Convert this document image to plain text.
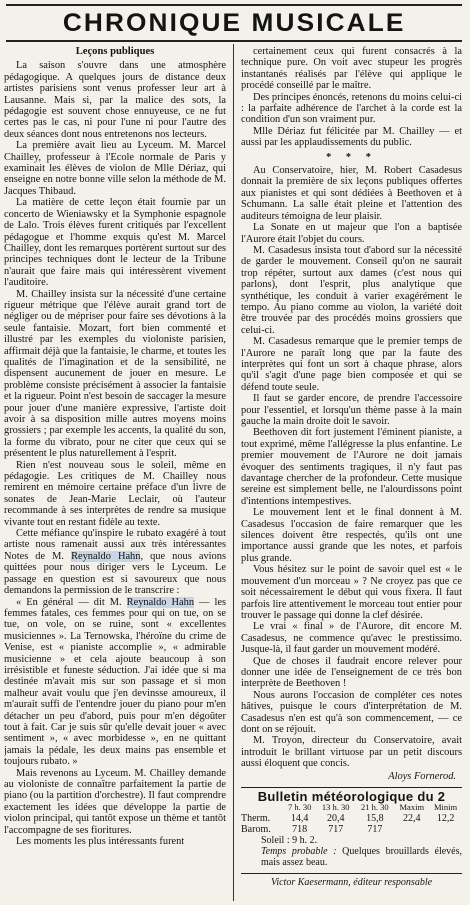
CHRONIQUE MUSICALE
Leçons publiques

La saison s'ouvre dans une atmosphère pédagogique. A quelques jours de distance deux artistes parisiens sont venus professer leur art à Lausanne. Mais si, par la malice des sots, la pédagogie est souvent chose ennuyeuse, ce ne fut certes pas le cas, ni pour l'une ni pour l'autre des deux séances dont nous entretenons nos lecteurs.

La première avait lieu au Lyceum. M. Marcel Chailley, professeur à l'Ecole normale de Paris y examinait les élèves de violon de Mlle Dériaz, qui enseigne en notre bonne ville selon la méthode de M. Jacques Thibaud.

La matière de cette leçon était fournie par un concerto de Wieniawsky et la Symphonie espagnole de Lalo. Trois élèves furent critiqués par l'excellent pédagogue et l'homme exquis qu'est M. Marcel Chailley, dont les remarques portèrent surtout sur des principes techniques dont le lecteur de la Tribune n'aurait que faire mais qui intéressèrent vivement l'auditoire.

M. Chailley insista sur la nécessité d'une certaine rigueur métrique que l'élève aurait grand tort de négliger ou de mépriser pour faire ses dévotions à la seule fantaisie. Mozart, fort bien commenté et illustré par les exemples du violoniste parisien, affirmait déjà que la fantaisie, le charme, et toutes les qualités de l'imagination et de la sensibilité, ne dispensent aucunement de jouer en mesure. Le problème consiste précisément à associer la fantaisie et la rigueur. Point n'est besoin de saccager la mesure pour jouer d'une manière expressive, l'artiste doit avoir à sa disposition mille autres moyens moins grossiers ; par exemple les accents, la qualité du son, la forme du vibrato, pour ne citer que ceux qui se présentent le plus naturellement à l'esprit.

Rien n'est nouveau sous le soleil, même en pédagogie. Les critiques de M. Chailley nous remirent en mémoire certaine préface d'un livre de sonates de Jean-Marie Leclair, où l'auteur recommande à ses interprètes de rendre sa musique vivante tout en restant fidèle au texte.

Cette méfiance qu'inspire le rubato exagéré à tout artiste nous ramenait aussi aux très intéressantes Notes de M. Reynaldo Hahn, que nous avions quittées pour nous diriger vers le Lyceum. Le passage en question est si savoureux que nous demandons la permission de le transcrire :

« En général — dit M. Reynaldo Hahn — les femmes fatales, ces femmes pour qui on tue, on se tue, on vole, on se ruine, sont « excellentes musiciennes ». La Ternowska, l'héroïne du crime de Venise, est « pianiste accomplie », « admirable musicienne » et cela ajoute beaucoup à son irrésistible et funeste séduction. J'ai idée que si ma destinée m'avait mis sur son passage et si mon malheur avait voulu que j'en devinsse amoureux, il m'aurait suffi de l'entendre jouer du piano pour m'en détacher un peu d'abord, puis pour m'en dégoûter tout à fait. Car je suis sûr qu'elle devait jouer « avec sentiment », « avec morbidesse », en ne quittant jamais la pédale, les deux mains pas ensemble et toujours rubato. »

Mais revenons au Lyceum. M. Chailley demande au violoniste de connaître parfaitement la partie de piano (ou la partition d'orchestre). Il faut comprendre exactement les idées que développe la partie de violon principal, qui tantôt expose un thème et tantôt l'accompagne de ses fioritures.

Les moments les plus intéressants furent

certainement ceux qui furent consacrés à la technique pure. On voit avec stupeur les progrès instantanés réalisés par l'élève qui applique le procédé conseillé par le maître.

Des principes énoncés, retenons du moins celui-ci : la parfaite adhérence de l'archet à la corde est la condition d'un son vraiment pur.

Mlle Dériaz fut félicitée par M. Chailley — et aussi par les applaudissements du public.

* * *

Au Conservatoire, hier, M. Robert Casadesus donnait la première de six leçons publiques offertes aux pianistes et qui sont dédiées à Beethoven et à Schumann. La salle était pleine et l'attention des auditeurs témoigna de leur plaisir.

La Sonate en ut majeur que l'on a baptisée l'Aurore était l'objet du cours.

M. Casadesus insista tout d'abord sur la nécessité de garder le mouvement. Conseil qu'on ne saurait trop répéter, surtout aux dames (c'est nous qui parlons), dont l'esprit, plus analytique que synthétique, les conduit à varier exagérément le tempo. Au piano comme au violon, la variété doit être trouvée par des procédés moins grossiers que celui-ci.

M. Casadesus remarque que le premier temps de l'Aurore ne paraît long que par la faute des interprètes qui font un sort à chaque phrase, alors qu'il s'agit d'une page bien composée et qui se défend toute seule.

Il faut se garder encore, de prendre l'accessoire pour l'essentiel, et lorsqu'un thème passe à la main gauche la main droite doit le savoir.

Beethoven dit fort justement l'éminent pianiste, a tout exprimé, même l'allégresse la plus enfantine. Le premier mouvement de l'Aurore ne doit jamais évoquer des sentiments tragiques, il n'y faut pas davantage chercher de la profondeur. Cette musique sereine est simplement belle, ne l'alourdissons point d'intentions intempestives.

Le mouvement lent et le final donnent à M. Casadesus l'occasion de faire remarquer que les silences doivent être respectés, qu'ils ont une importance aussi grande que les notes, et parfois plus grande.

Vous hésitez sur le point de savoir quel est « le mouvement d'un morceau » ? Ne croyez pas que ce soit nécessairement le début qui vous fixera. Il faut parfois lire attentivement le morceau tout entier pour trouver le passage qui donne la clef désirée.

Le vrai « final » de l'Aurore, dit encore M. Casadesus, ne commence qu'avec le prestissimo. Jusque-là, il faut garder un mouvement modéré.

Que de choses il faudrait encore relever pour donner une idée de l'enseignement de ce très bon interprète de Beethoven !

Nous aurons l'occasion de compléter ces notes hâtives, puisque le cours d'interprétation de M. Casadesus n'en est qu'à son commencement, — ce dont on se réjouit.

M. Troyon, directeur du Conservatoire, avait introduit le brillant virtuose par un petit discours aussi éloquent que concis.

Aloys Fornerod.
Bulletin météorologique du 2
	7 h. 30	13 h. 30	21 h. 30	Maxim	Minim
Therm.	14,4	20,4	15,8	22,4	12,2
Barom.	718	717	717		
Soleil : 9 h. 2.
Temps probable : Quelques brouillards élevés, mais assez beau.
Victor Kaesermann, éditeur responsable
